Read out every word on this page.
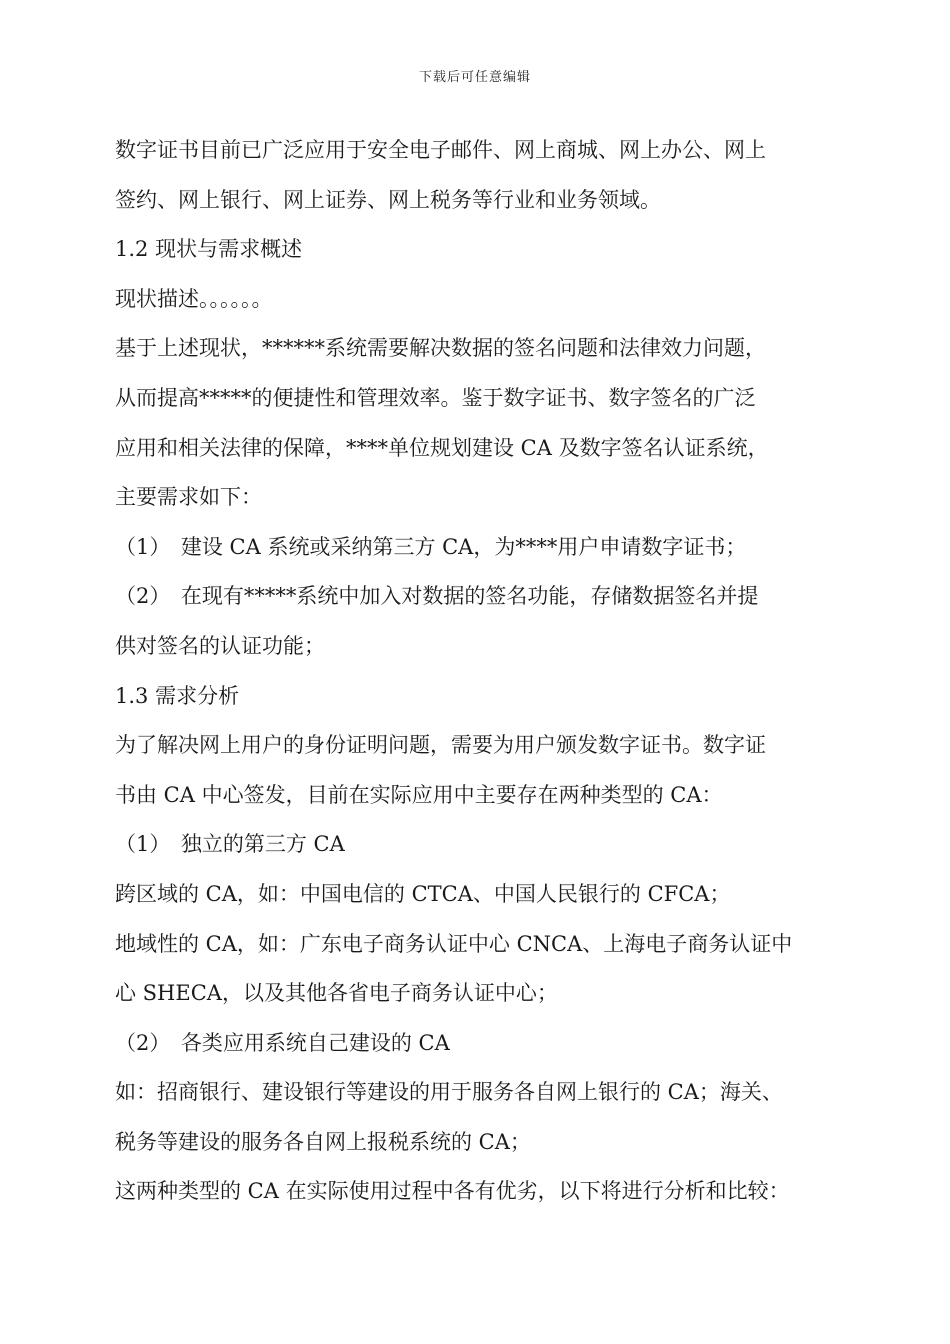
下载后可任意编辑
数字证书目前已广泛应用于安全电子邮件、网上商城、网上办公、网上
签约、网上银行、网上证券、网上税务等行业和业务领域。
1.2 现状与需求概述
现状描述。。。。。。
基于上述现状，******系统需要解决数据的签名问题和法律效力问题，
从而提高*****的便捷性和管理效率。鉴于数字证书、数字签名的广泛
应用和相关法律的保障，****单位规划建设 CA 及数字签名认证系统，
主要需求如下：
（1）　建设 CA 系统或采纳第三方 CA，为****用户申请数字证书；
（2）　在现有*****系统中加入对数据的签名功能，存储数据签名并提
供对签名的认证功能；
1.3 需求分析
为了解决网上用户的身份证明问题，需要为用户颁发数字证书。数字证
书由 CA 中心签发，目前在实际应用中主要存在两种类型的 CA：
（1）　独立的第三方 CA
跨区域的 CA，如：中国电信的 CTCA、中国人民银行的 CFCA；
地域性的 CA，如：广东电子商务认证中心 CNCA、上海电子商务认证中
心 SHECA，以及其他各省电子商务认证中心；
（2）　各类应用系统自己建设的 CA
如：招商银行、建设银行等建设的用于服务各自网上银行的 CA；海关、
税务等建设的服务各自网上报税系统的 CA；
这两种类型的 CA 在实际使用过程中各有优劣，以下将进行分析和比较：
